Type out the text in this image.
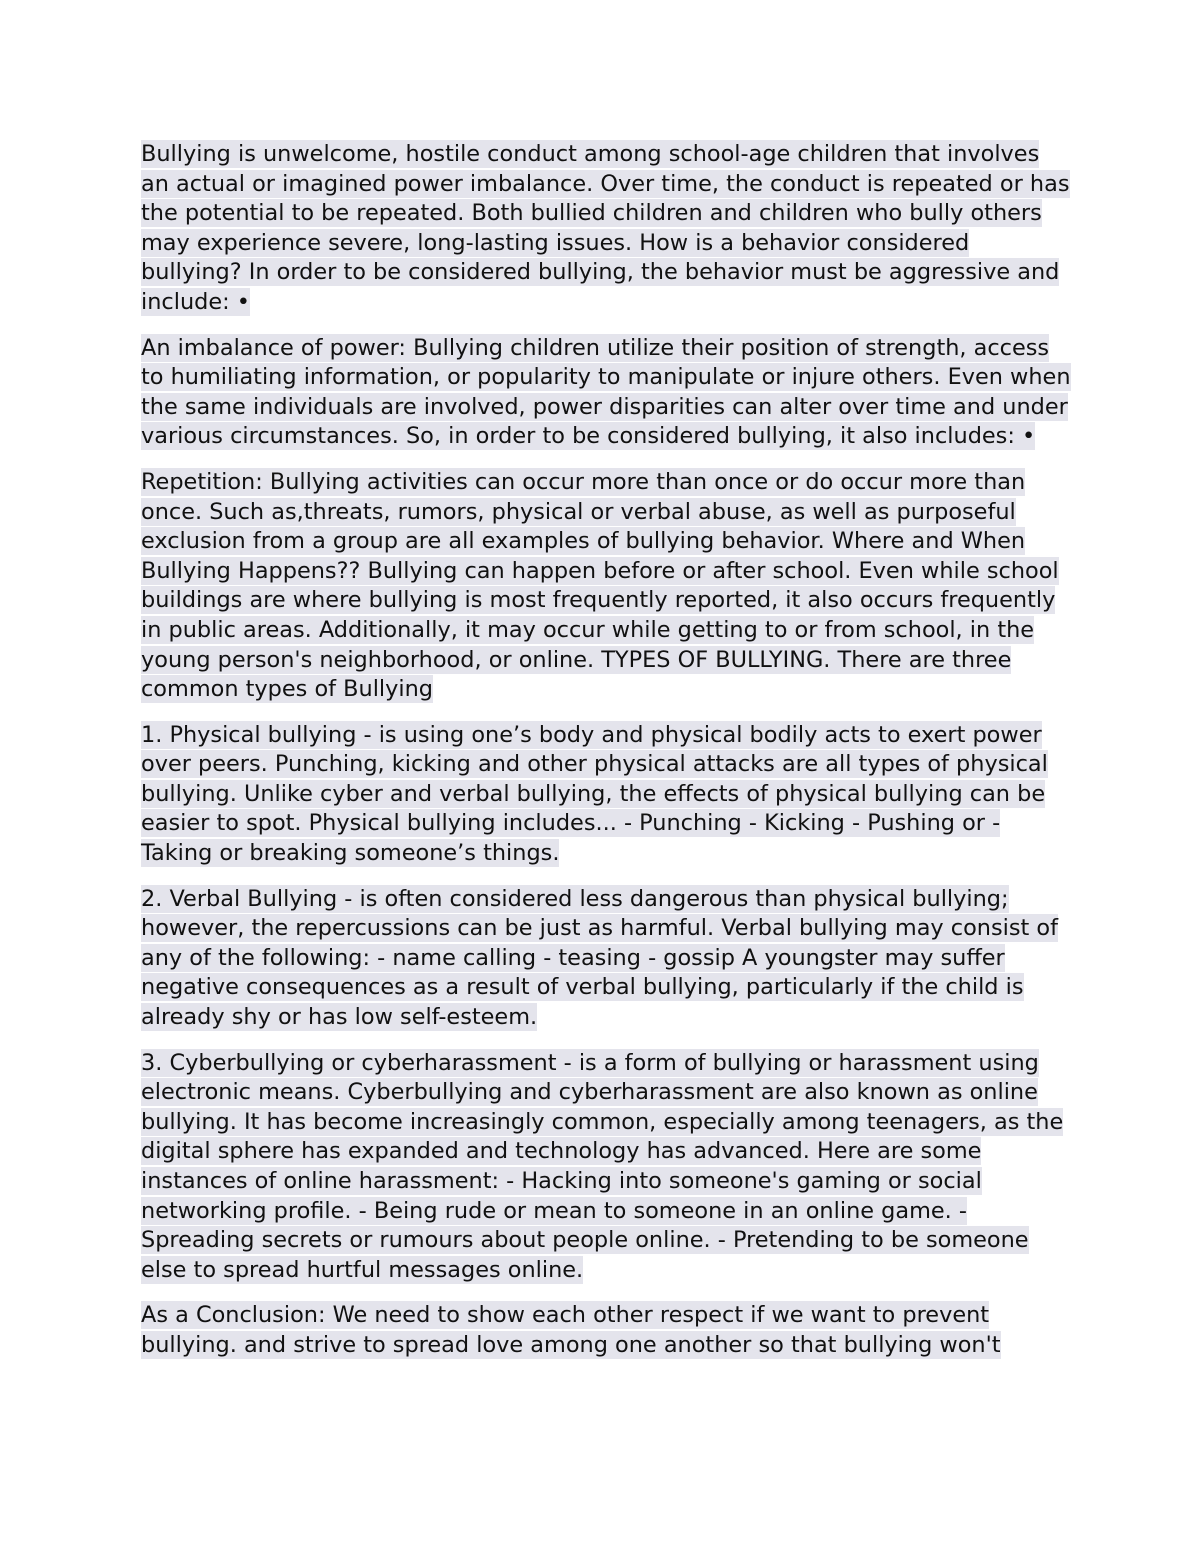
Bullying is unwelcome, hostile conduct among school-age children that involves an actual or imagined power imbalance. Over time, the conduct is repeated or has the potential to be repeated. Both bullied children and children who bully others may experience severe, long-lasting issues. How is a behavior considered bullying? In order to be considered bullying, the behavior must be aggressive and include: •

An imbalance of power: Bullying children utilize their position of strength, access to humiliating information, or popularity to manipulate or injure others. Even when the same individuals are involved, power disparities can alter over time and under various circumstances. So, in order to be considered bullying, it also includes: •

Repetition: Bullying activities can occur more than once or do occur more than once. Such as,threats, rumors, physical or verbal abuse, as well as purposeful exclusion from a group are all examples of bullying behavior. Where and When Bullying Happens?? Bullying can happen before or after school. Even while school buildings are where bullying is most frequently reported, it also occurs frequently in public areas. Additionally, it may occur while getting to or from school, in the young person's neighborhood, or online. TYPES OF BULLYING. There are three common types of Bullying

1. Physical bullying - is using one’s body and physical bodily acts to exert power over peers. Punching, kicking and other physical attacks are all types of physical bullying. Unlike cyber and verbal bullying, the effects of physical bullying can be easier to spot. Physical bullying includes... - Punching - Kicking - Pushing or - Taking or breaking someone’s things.

2. Verbal Bullying - is often considered less dangerous than physical bullying; however, the repercussions can be just as harmful. Verbal bullying may consist of any of the following: - name calling - teasing - gossip A youngster may suffer negative consequences as a result of verbal bullying, particularly if the child is already shy or has low self-esteem.

3. Cyberbullying or cyberharassment - is a form of bullying or harassment using electronic means. Cyberbullying and cyberharassment are also known as online bullying. It has become increasingly common, especially among teenagers, as the digital sphere has expanded and technology has advanced. Here are some instances of online harassment: - Hacking into someone's gaming or social networking profile. - Being rude or mean to someone in an online game. - Spreading secrets or rumours about people online. - Pretending to be someone else to spread hurtful messages online.

As a Conclusion: We need to show each other respect if we want to prevent bullying. and strive to spread love among one another so that bullying won't
